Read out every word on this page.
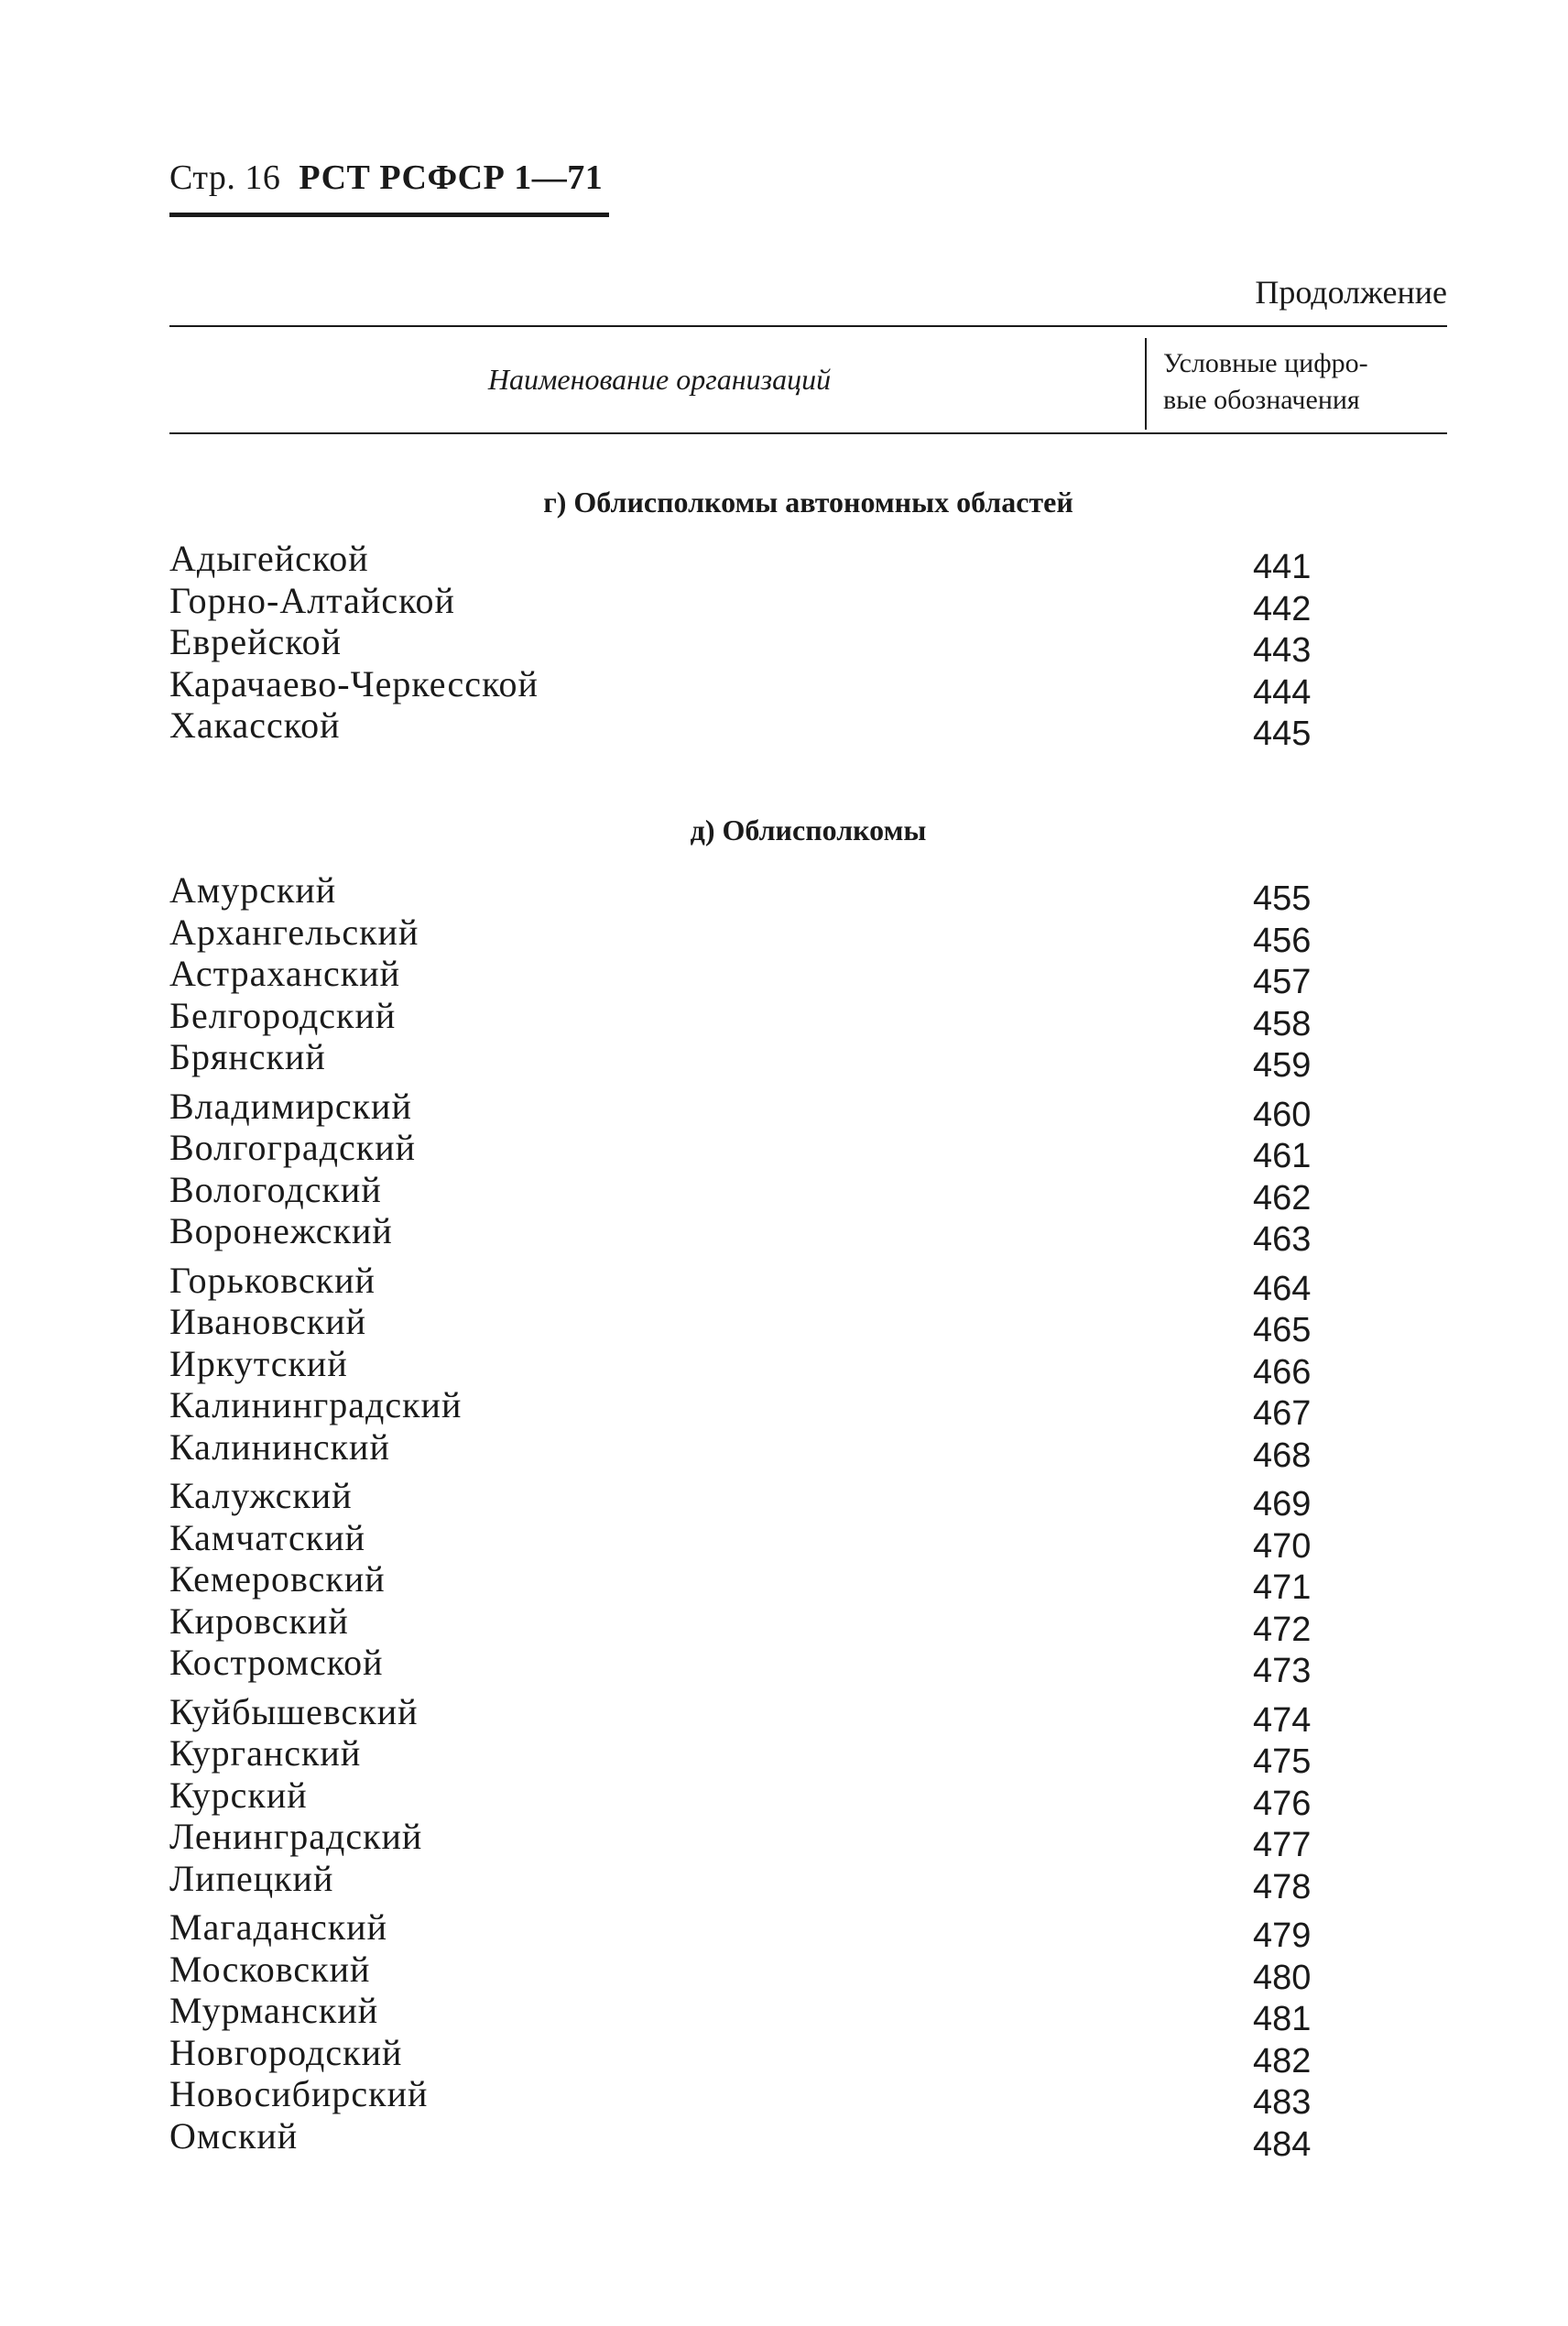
Стр. 16 РСТ РСФСР 1—71
Продолжение
Наименование организаций	Условные цифро-
вые обозначения
г) Облисполкомы автономных областей
Адыгейской	441
Горно-Алтайской	442
Еврейской	443
Карачаево-Черкесской	444
Хакасской	445
д) Облисполкомы
Амурский	455
Архангельский	456
Астраханский	457
Белгородский	458
Брянский	459
Владимирский	460
Волгоградский	461
Вологодский	462
Воронежский	463
Горьковский	464
Ивановский	465
Иркутский	466
Калининградский	467
Калининский	468
Калужский	469
Камчатский	470
Кемеровский	471
Кировский	472
Костромской	473
Куйбышевский	474
Курганский	475
Курский	476
Ленинградский	477
Липецкий	478
Магаданский	479
Московский	480
Мурманский	481
Новгородский	482
Новосибирский	483
Омский	484
